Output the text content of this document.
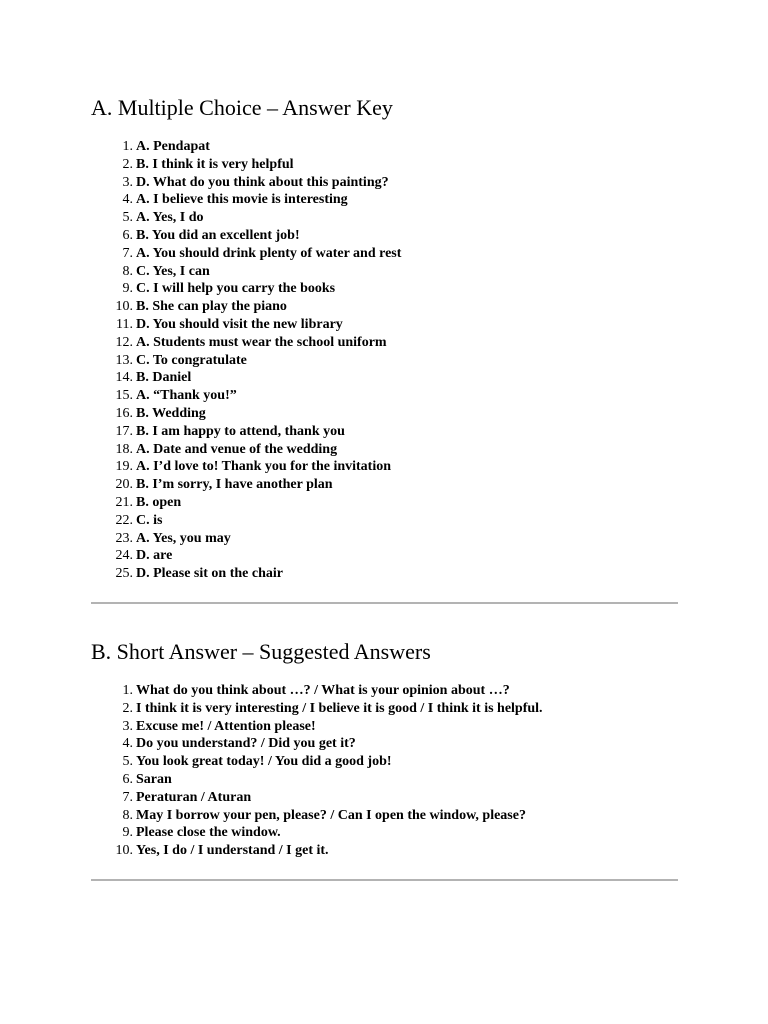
A. Multiple Choice – Answer Key
1. A. Pendapat
2. B. I think it is very helpful
3. D. What do you think about this painting?
4. A. I believe this movie is interesting
5. A. Yes, I do
6. B. You did an excellent job!
7. A. You should drink plenty of water and rest
8. C. Yes, I can
9. C. I will help you carry the books
10. B. She can play the piano
11. D. You should visit the new library
12. A. Students must wear the school uniform
13. C. To congratulate
14. B. Daniel
15. A. “Thank you!”
16. B. Wedding
17. B. I am happy to attend, thank you
18. A. Date and venue of the wedding
19. A. I’d love to! Thank you for the invitation
20. B. I’m sorry, I have another plan
21. B. open
22. C. is
23. A. Yes, you may
24. D. are
25. D. Please sit on the chair
B. Short Answer – Suggested Answers
1. What do you think about …? / What is your opinion about …?
2. I think it is very interesting / I believe it is good / I think it is helpful.
3. Excuse me! / Attention please!
4. Do you understand? / Did you get it?
5. You look great today! / You did a good job!
6. Saran
7. Peraturan / Aturan
8. May I borrow your pen, please? / Can I open the window, please?
9. Please close the window.
10. Yes, I do / I understand / I get it.
